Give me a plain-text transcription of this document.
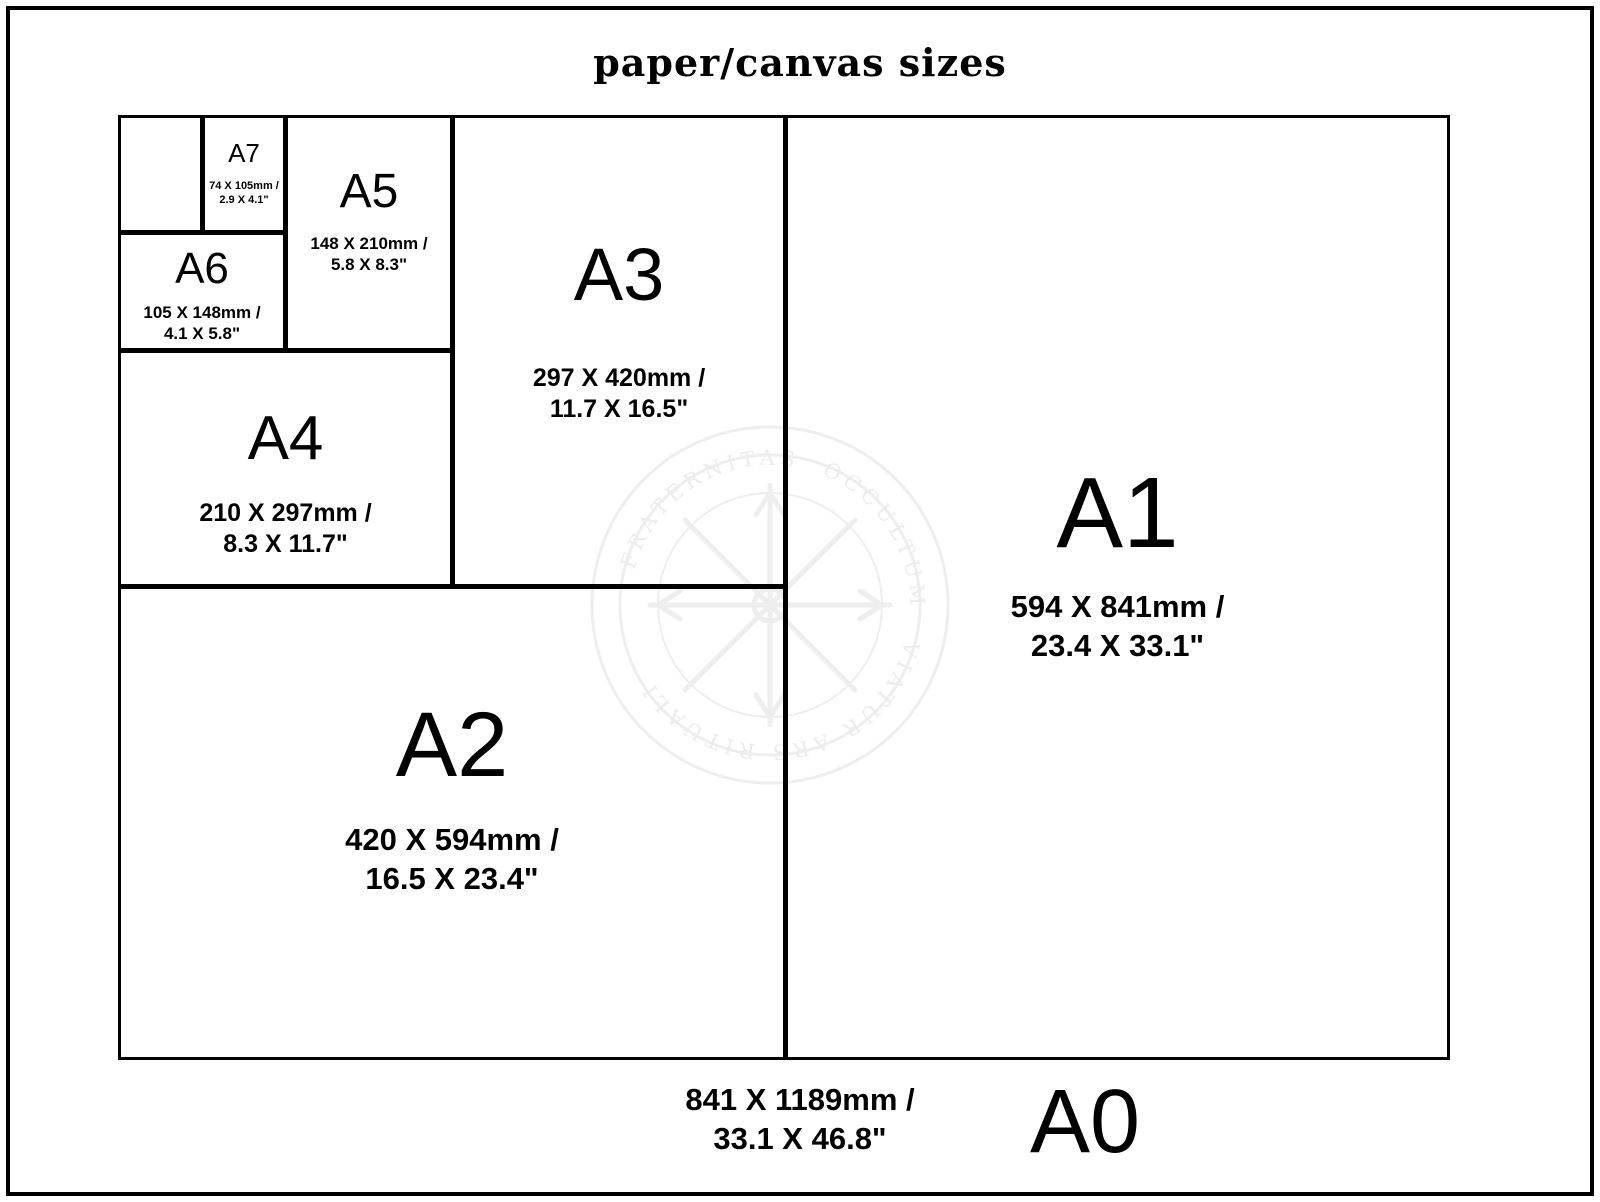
paper/canvas sizes
FRATERNITAS
VIATUR ARS RITUALI
OCCULTUM
A1
594 X 841mm /
23.4 X 33.1"
A2
420 X 594mm /
16.5 X 23.4"
A3
297 X 420mm /
11.7 X 16.5"
A4
210 X 297mm /
8.3 X 11.7"
A5
148 X 210mm /
5.8 X 8.3"
A6
105 X 148mm /
4.1 X 5.8"
A7
74 X 105mm /
2.9 X 4.1"
841 X 1189mm /
33.1 X 46.8"	A0
